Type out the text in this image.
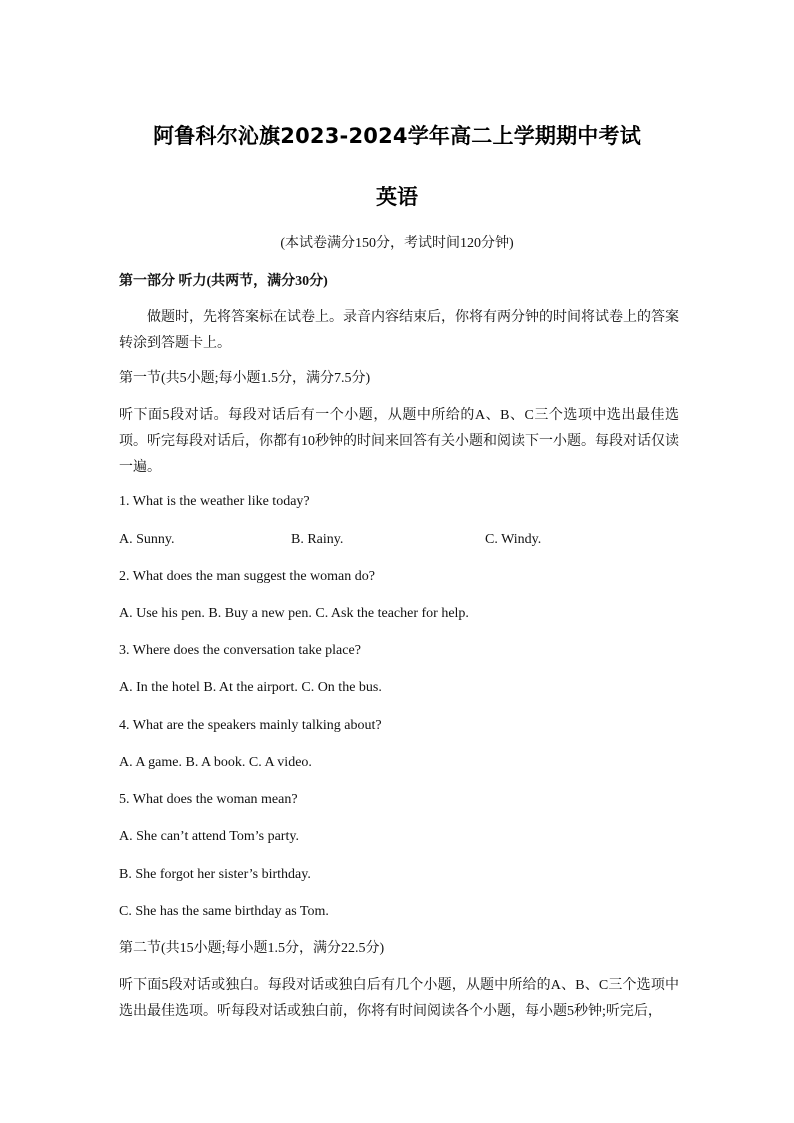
阿鲁科尔沁旗2023-2024学年高二上学期期中考试
英语
(本试卷满分150分，考试时间120分钟)
第一部分 听力(共两节，满分30分)
做题时，先将答案标在试卷上。录音内容结束后，你将有两分钟的时间将试卷上的答案转涂到答题卡上。
第一节(共5小题;每小题1.5分，满分7.5分)
听下面5段对话。每段对话后有一个小题，从题中所给的A、B、C三个选项中选出最佳选项。听完每段对话后，你都有10秒钟的时间来回答有关小题和阅读下一小题。每段对话仅读一遍。
1. What is the weather like today?
A. Sunny.	B. Rainy.	C. Windy.
2. What does the man suggest the woman do?
A. Use his pen. B. Buy a new pen. C. Ask the teacher for help.
3. Where does the conversation take place?
A. In the hotel B. At the airport. C. On the bus.
4. What are the speakers mainly talking about?
A. A game. B. A book. C. A video.
5. What does the woman mean?
A. She can’t attend Tom’s party.
B. She forgot her sister’s birthday.
C. She has the same birthday as Tom.
第二节(共15小题;每小题1.5分，满分22.5分)
听下面5段对话或独白。每段对话或独白后有几个小题，从题中所给的A、B、C三个选项中选出最佳选项。听每段对话或独白前，你将有时间阅读各个小题，每小题5秒钟;听完后，
